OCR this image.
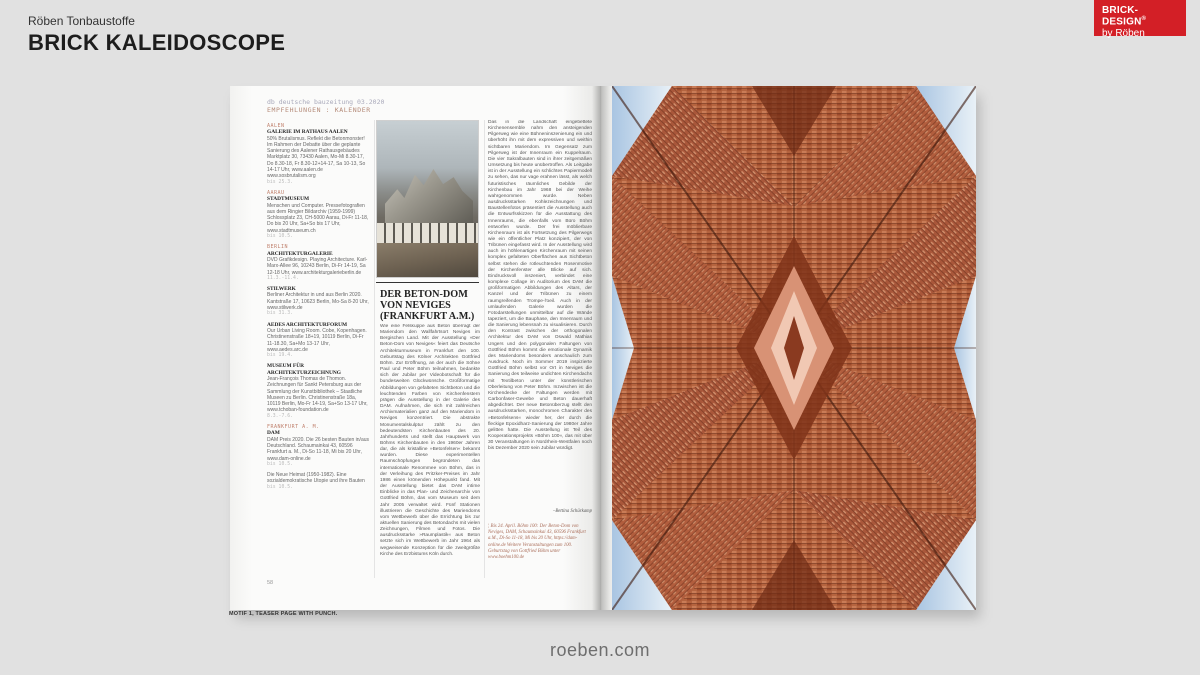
Röben Tonbaustoffe
BRICK KALEIDOSCOPE
BRICK-DESIGN®
by Röben
db deutsche bauzeitung 03.2020
EMPFEHLUNGEN : KALENDER
AALEN
GALERIE IM RATHAUS AALEN
50% Brutalismus. Reflekt die Betonmonster! Im Rahmen der Debatte über die geplante Sanierung des Aalener Rathausgebäudes Marktplatz 30, 73430 Aalen, Mo-Mi 8.30-17, Do 8.30-18, Fr 8.30-12+14-17, Sa 10-13, So 14-17 Uhr, www.aalen.de www.sosbrutalism.org
bis 25.3.
AARAU
STADTMUSEUM
Menschen und Computer. Pressefotografien aus dem Ringier Bildarchiv (1959-1999) Schlossplatz 23, CH-5000 Aarau, Di-Fr 11-18, Do bis 20 Uhr, Sa+So bis 17 Uhr, www.stadtmuseum.ch
bis 10.5.
BERLIN
ARCHITEKTURGALERIE
DVD Grafikdesign. Playing Architecture. Karl-Marx-Allee 96, 10243 Berlin, Di-Fr 14-19, Sa 12-18 Uhr, www.architekturgalerieberlin.de
11.3.-11.4.
STILWERK
Berliner Architektur in und aus Berlin 2020. Kantstraße 17, 10623 Berlin, Mo-Sa 8-20 Uhr, www.stilwerk.de
bis 31.3.
AEDES ARCHITEKTURFORUM
Our Urban Living Room. Cobe, Kopenhagen. Christinenstraße 18+19, 10119 Berlin, Di-Fr 11-18.30, Sa+Mo 13-17 Uhr, www.aedes.arc.de
bis 19.4.
MUSEUM FÜR ARCHITEKTURZEICHNUNG
Jean-François Thomas de Thomon. Zeichnungen für Sankt Petersburg aus der Sammlung der Kunstbibliothek – Staatliche Museen zu Berlin. Christinenstraße 18a, 10119 Berlin, Mo-Fr 14-19, Sa+So 13-17 Uhr, www.tchoban-foundation.de
8.3.-7.6.
FRANKFURT A. M.
DAM
DAM Preis 2020. Die 26 besten Bauten in/aus Deutschland. Schaumainkai 43, 60596 Frankfurt a. M., Di-So 11-18, Mi bis 20 Uhr, www.dam-online.de
bis 10.5.
Die Neue Heimat (1950-1982). Eine sozialdemokratische Utopie und ihre Bauten
bis 10.5.
DER BETON-DOM VON NEVIGES (FRANKFURT A.M.)
Wie eine Felskuppe aus Beton überragt der Mariendom den Wallfahrtsort Neviges im Bergischen Land. Mit der Ausstellung »Der Beton-Dom von Neviges« feiert das Deutsche Architekturmuseum in Frankfurt den 100. Geburtstag des Kölner Architekten Gottfried Böhm. Zur Eröffnung, an der auch die Söhne Paul und Peter Böhm teilnahmen, bedankte sich der Jubilar per Videobotschaft für die bundesweiten Glückwünsche. Großformatige Abbildungen von gefalteten Sichtbeton und die leuchtenden Farben von Kirchenfenstern prägen die Ausstellung in der Galerie des DAM. Aufnahmen, die sich mit zahlreichen Archivmaterialien ganz auf den Mariendom in Neviges konzentriert. Die abstrakte Monumentalskulptur zählt zu den bedeutendsten Kirchenbauten des 20. Jahrhunderts und stellt das Hauptwerk von Böhms Kirchenbauten in den 1960er Jahren dar, die als kristalline »Betonfelsen« bekannt wurden. Diese experimentellen Raumschöpfungen begründeten das internationale Renommee von Böhm, das in der Verleihung des Pritzker-Preises im Jahr 1986 einen krönenden Höhepunkt fand. Mit der Ausstellung bietet das DAM intime Einblicke in das Plan- und Zeichenarchiv von Gottfried Böhm, das vom Museum seit dem Jahr 2005 verwaltet wird. Fünf Stationen illustrieren die Geschichte des Mariendoms vom Wettbewerb über die Errichtung bis zur aktuellen Sanierung des Betondachs mit vielen Zeichnungen, Filmen und Fotos. Die ausdrucksstarke »Raumplastik« aus Beton setzte sich im Wettbewerb im Jahr 1964 als wegweisende Konzeption für die zweitgrößte Kirche des Erzbistums Köln durch.
Das in die Landschaft eingebettete Kirchenensemble nahm den ansteigenden Pilgerweg wie eine Bühneninszenierung ein und überhöht ihn mit dem expressiven und weithin sichtbaren Mariendom. Im Gegensatz zum Pilgerweg ist der Innenraum ein Kuppelraum. Die vier Sakralbauten sind in ihrer zeitgemäßen Umsetzung bis heute unübertroffen. Als Leitgabe ist in der Ausstellung ein schlichtes Papiermodell zu sehen, das nur vage erahnen lässt, als welch futuristisches räumliches Gebilde der Kirchenbau im Jahr 1968 bei der Weihe wahrgenommen wurde. Neben ausdrucksstarken Kohlezeichnungen und Baustellenfotos präsentiert die Ausstellung auch die Entwurfsskizzen für die Ausstattung des Innenraums, die ebenfalls vom Büro Böhm entworfen wurde. Der frei möblierbare Kirchenraum ist als Fortsetzung des Pilgerwegs wie ein öffentlicher Platz konzipiert, der von Tribünen eingefasst wird. In der Ausstellung wird auch im höhlenartigen Kirchenraum mit seinen komplex gefalteten Oberflächen aus Sichtbeton selbst stehen die rotleuchtenden Rosenmotive der Kirchenfenster alle Blicke auf sich. Eindrucksvoll inszeniert, verbindet eine komplexe Collage im Auditorium des DAM die großformatigen Abbildungen des Altars, der Kanzel und der Tribünen zu einem raumgreifenden Trompe-l'oeil. Auch in der umlaufenden Galerie wurden die Fotodarstellungen unmittelbar auf die Wände tapeziert, um die Bauphase, den Innenraum und die Sanierung lebensnah zu visualisieren. Durch den Kontrast zwischen der orthogonalen Architektur des DAM von Oswald Mathias Ungers und den polygonalen Faltungen von Gottfried Böhm kommt die emotionale Dynamik des Mariendoms besonders anschaulich zum Ausdruck. Noch im Sommer 2019 inspizierte Gottfried Böhm selbst vor Ort in Neviges die Sanierung des teilweise undichten Kirchendachs mit Textilbeton unter der künstlerischen Oberleitung von Peter Böhm. Inzwischen ist die Kirchendecke der Faltungen werden mit Carbonfaser-Gewebe und Beton dauerhaft abgedichtet. Der neue Betonüberzug stellt den ausdrucksstarken, monochromen Charakter des »Betonfelsens« wieder her, der durch die fleckige Epoxidharz-Sanierung der 1980er Jahre gelitten hatte. Die Ausstellung ist Teil des Kooperationsprojekts »Böhm 100«, das mit über 30 Veranstaltungen in Nordrhein-Westfalen noch bis Dezember 2020 sein Jubilar würdigt.
–Bettina Schürkamp
¦ Bis 24. April. Böhm 100: Der Beton-Dom von Neviges, DAM, Schaumainkai 43, 60596 Frankfurt a.M., Di-So 11-18, Mi bis 20 Uhr, https://dam-online.de Weitere Veranstaltungen zum 100. Geburtstag von Gottfried Böhm unter www.boehm100.de
58
MOTIF 1, TEASER PAGE WITH PUNCH.
roeben.com
